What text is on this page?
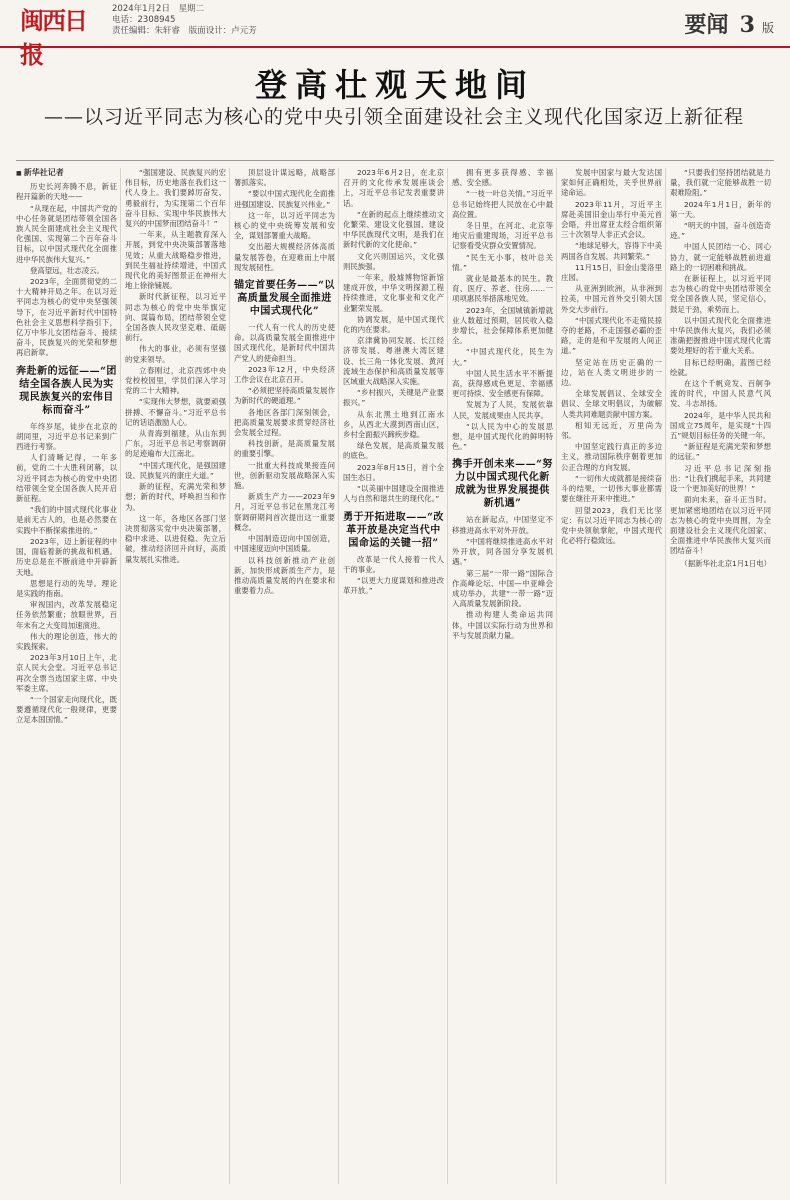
闽西日报
2024年1月2日 星期二
电话：2308945
责任编辑：朱轩睿 版面设计：卢元芳	要闻 3 版
登高壮观天地间
——以习近平同志为核心的党中央引领全面建设社会主义现代化国家迈上新征程
■ 新华社记者

历史长河奔腾不息，新征程开篇新的天地——

“从现在起，中国共产党的中心任务就是团结带领全国各族人民全面建成社会主义现代化强国、实现第二个百年奋斗目标，以中国式现代化全面推进中华民族伟大复兴。”

登高望远，壮志凌云。

2023年，全面贯彻党的二十大精神开局之年。在以习近平同志为核心的党中央坚强领导下，在习近平新时代中国特色社会主义思想科学指引下，亿万中华儿女团结奋斗、接续奋斗，民族复兴的光荣和梦想再启新章。

奔赴新的远征——“团结全国各族人民为实现民族复兴的宏伟目标而奋斗”

年终岁尾，徒步在北京的胡同里，习近平总书记来到广西进行考察。

人们清晰记得，一年多前，党的二十大胜利闭幕，以习近平同志为核心的党中央团结带领全党全国各族人民开启新征程。

“我们的中国式现代化事业是前无古人的，也是必然要在实践中不断探索推进的。”

2023年，迈上新征程的中国，面临着新的挑战和机遇。历史总是在不断前进中开辟新天地。

思想是行动的先导。理论是实践的指南。

审视国内，改革发展稳定任务依然繁重；放眼世界，百年未有之大变局加速演进。

伟大的理论创造，伟大的实践探索。

2023年3月10日上午，北京人民大会堂。习近平总书记再次全票当选国家主席、中央军委主席。

“一个国家走向现代化，既要遵循现代化一般规律，更要立足本国国情。”

“强国建设、民族复兴的宏伟目标，历史地落在我们这一代人身上。我们要踔厉奋发、勇毅前行，为实现第二个百年奋斗目标、实现中华民族伟大复兴的中国梦而团结奋斗！”

一年来，从主题教育深入开展，到党中央决策部署落地见效；从重大战略稳步推进，到民生福祉持续增进，中国式现代化的美好图景正在神州大地上徐徐铺展。

新时代新征程，以习近平同志为核心的党中央举旗定向、谋篇布局，团结带领全党全国各族人民攻坚克难、砥砺前行。

伟大的事业，必须有坚强的党来领导。

立春刚过，北京西郊中央党校校园里，学员们深入学习党的二十大精神。

“实现伟大梦想，就要顽强拼搏、不懈奋斗。”习近平总书记的话语激励人心。

从青海到福建，从山东到广东，习近平总书记考察调研的足迹遍布大江南北。

“中国式现代化，是强国建设、民族复兴的康庄大道。”

新的征程，充满光荣和梦想；新的时代，呼唤担当和作为。

这一年，各地区各部门坚决贯彻落实党中央决策部署，稳中求进、以进促稳、先立后破，推动经济回升向好，高质量发展扎实推进。

顶层设计谋远略，战略部署抓落实。

“要以中国式现代化全面推进强国建设、民族复兴伟业。”

这一年，以习近平同志为核心的党中央统筹发展和安全，谋划部署重大战略。

交出超大规模经济体高质量发展答卷，在迎难而上中展现发展韧性。

锚定首要任务——“以高质量发展全面推进中国式现代化”

一代人有一代人的历史使命。以高质量发展全面推进中国式现代化，是新时代中国共产党人的使命担当。

2023年12月，中央经济工作会议在北京召开。

“必须把坚持高质量发展作为新时代的硬道理。”

各地区各部门深刻领会，把高质量发展要求贯穿经济社会发展全过程。

科技创新，是高质量发展的重要引擎。

一批重大科技成果接连问世，创新驱动发展战略深入实施。

新质生产力——2023年9月，习近平总书记在黑龙江考察调研期间首次提出这一重要概念。

中国制造迈向中国创造，中国速度迈向中国质量。

以科技创新推动产业创新，加快形成新质生产力，是推动高质量发展的内在要求和重要着力点。

2023年6月2日，在北京召开的文化传承发展座谈会上，习近平总书记发表重要讲话。

“在新的起点上继续推动文化繁荣、建设文化强国、建设中华民族现代文明，是我们在新时代新的文化使命。”

文化兴则国运兴，文化强则民族强。

一年来，殷墟博物馆新馆建成开放，中华文明探源工程持续推进，文化事业和文化产业繁荣发展。

协调发展，是中国式现代化的内在要求。

京津冀协同发展、长江经济带发展、粤港澳大湾区建设、长三角一体化发展、黄河流域生态保护和高质量发展等区域重大战略深入实施。

“乡村振兴，关键是产业要振兴。”

从东北黑土地到江南水乡，从西北大漠到西南山区，乡村全面振兴蹄疾步稳。

绿色发展，是高质量发展的底色。

2023年8月15日，首个全国生态日。

“以美丽中国建设全面推进人与自然和谐共生的现代化。”

勇于开拓进取——“改革开放是决定当代中国命运的关键一招”

改革是一代人接着一代人干的事业。

“以更大力度谋划和推进改革开放。”

拥有更多获得感、幸福感、安全感。

“一枝一叶总关情。”习近平总书记始终把人民放在心中最高位置。

冬日里，在河北、北京等地灾后重建现场，习近平总书记察看受灾群众安置情况。

“民生无小事，枝叶总关情。”

就业是最基本的民生。教育、医疗、养老、住房……一项项惠民举措落地见效。

2023年，全国城镇新增就业人数超过预期，居民收入稳步增长，社会保障体系更加健全。

“中国式现代化，民生为大。”

中国人民生活水平不断提高，获得感成色更足、幸福感更可持续、安全感更有保障。

发展为了人民，发展依靠人民，发展成果由人民共享。

“以人民为中心的发展思想，是中国式现代化的鲜明特色。”

携手开创未来——“努力以中国式现代化新成就为世界发展提供新机遇”

站在新起点，中国坚定不移推进高水平对外开放。

“中国将继续推进高水平对外开放，同各国分享发展机遇。”

第三届“一带一路”国际合作高峰论坛、中国—中亚峰会成功举办，共建“一带一路”迈入高质量发展新阶段。

推动构建人类命运共同体，中国以实际行动为世界和平与发展贡献力量。

发展中国家与最大发达国家如何正确相处，关乎世界前途命运。

2023年11月，习近平主席赴美国旧金山举行中美元首会晤，并出席亚太经合组织第三十次领导人非正式会议。

“地球足够大，容得下中美两国各自发展、共同繁荣。”

11月15日，旧金山斐洛里庄园。

从亚洲到欧洲，从非洲到拉美，中国元首外交引领大国外交大步前行。

“中国式现代化不走殖民掠夺的老路，不走国强必霸的歪路，走的是和平发展的人间正道。”

坚定站在历史正确的一边，站在人类文明进步的一边。

全球发展倡议、全球安全倡议、全球文明倡议，为破解人类共同难题贡献中国方案。

相知无远近，万里尚为邻。

中国坚定践行真正的多边主义，推动国际秩序朝着更加公正合理的方向发展。

“一切伟大成就都是接续奋斗的结果，一切伟大事业都需要在继往开来中推进。”

回望2023，我们无比坚定：有以习近平同志为核心的党中央领航掌舵，中国式现代化必将行稳致远。

“只要我们坚持团结就是力量，我们就一定能够战胜一切艰难险阻。”

2024年1月1日，新年的第一天。

“明天的中国，奋斗创造奇迹。”

中国人民团结一心、同心协力，就一定能够战胜前进道路上的一切困难和挑战。

在新征程上，以习近平同志为核心的党中央团结带领全党全国各族人民，坚定信心，鼓足干劲，乘势而上。

以中国式现代化全面推进中华民族伟大复兴，我们必须准确把握推进中国式现代化需要处理好的若干重大关系。

目标已经明确，蓝图已经绘就。

在这个千帆竞发、百舸争流的时代，中国人民意气风发、斗志昂扬。

2024年，是中华人民共和国成立75周年，是实现“十四五”规划目标任务的关键一年。

“新征程是充满光荣和梦想的远征。”

习近平总书记深刻指出：“让我们携起手来，共同建设一个更加美好的世界！”

面向未来，奋斗正当时。更加紧密地团结在以习近平同志为核心的党中央周围，为全面建设社会主义现代化国家、全面推进中华民族伟大复兴而团结奋斗！

（据新华社北京1月1日电）
